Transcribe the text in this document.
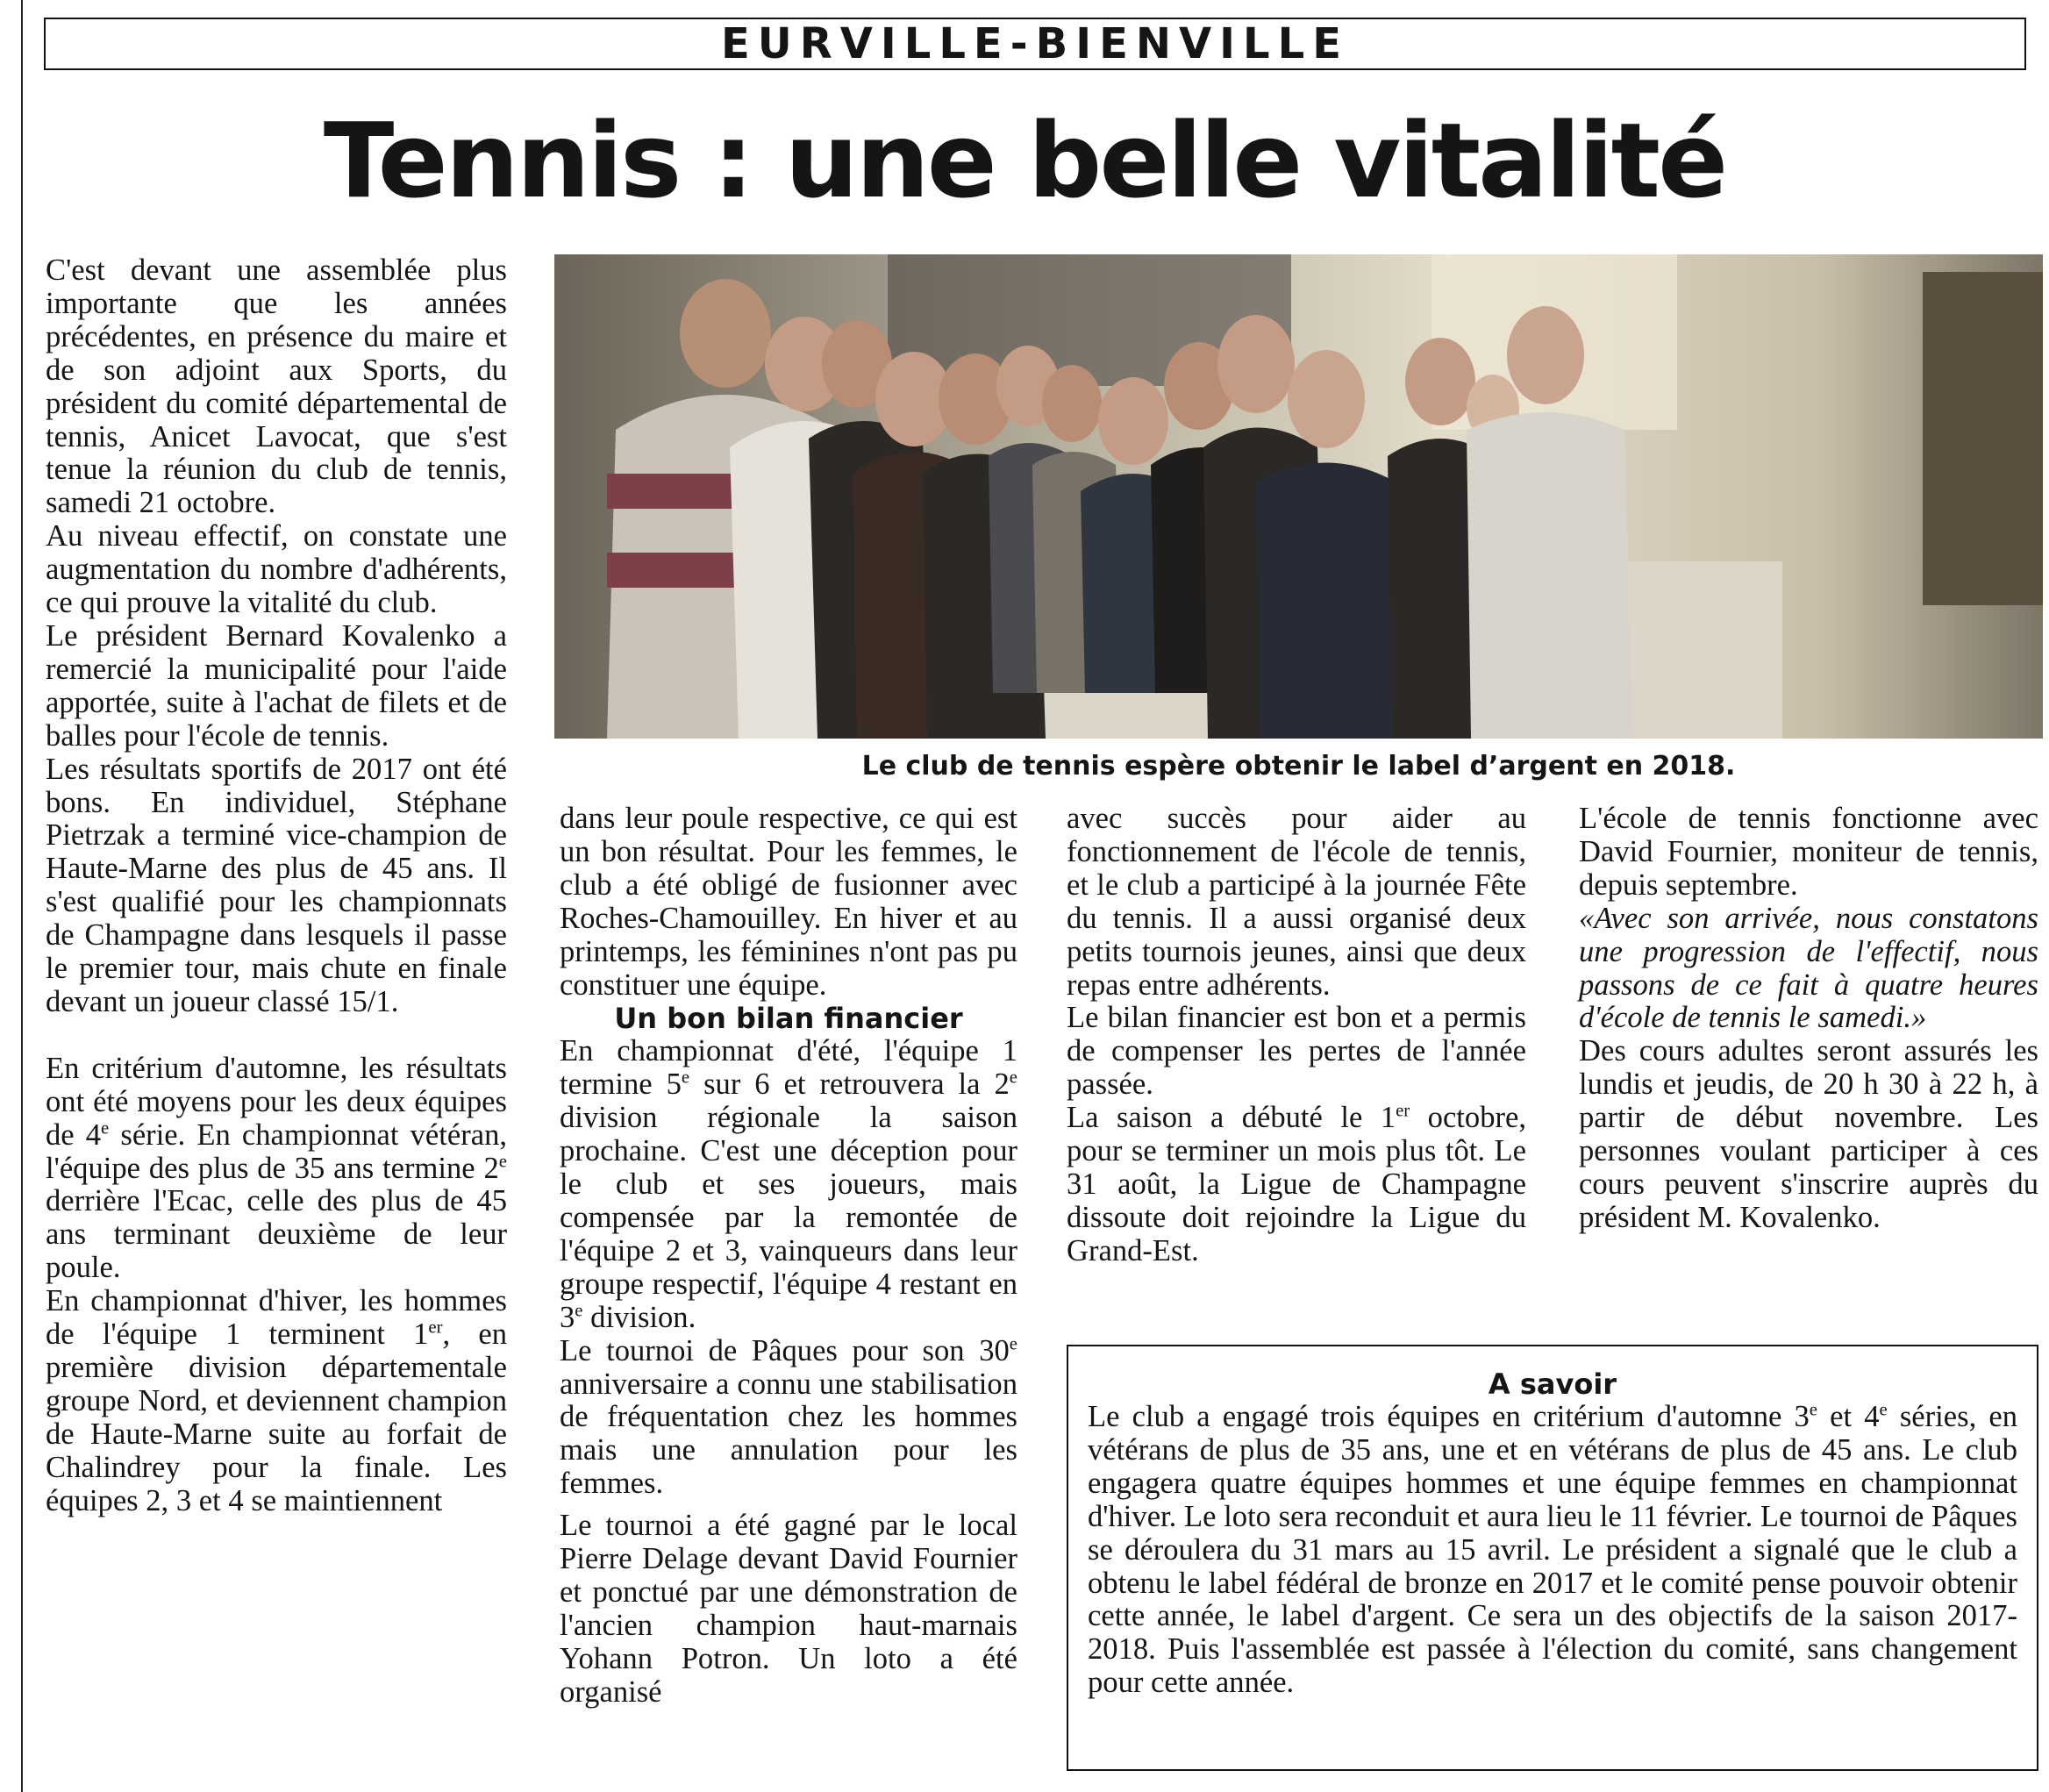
EURVILLE-BIENVILLE
Tennis : une belle vitalité

C'est devant une assemblée plus importante que les années précédentes, en présence du maire et de son adjoint aux Sports, du président du comité départemental de tennis, Anicet Lavocat, que s'est tenue la réunion du club de tennis, samedi 21 octobre.

Au niveau effectif, on constate une augmentation du nombre d'adhérents, ce qui prouve la vitalité du club.

Le président Bernard Kovalenko a remercié la municipalité pour l'aide apportée, suite à l'achat de filets et de balles pour l'école de tennis.

Les résultats sportifs de 2017 ont été bons. En individuel, Stéphane Pietrzak a terminé vice-champion de Haute-Marne des plus de 45 ans. Il s'est qualifié pour les championnats de Champagne dans lesquels il passe le premier tour, mais chute en finale devant un joueur classé 15/1.

En critérium d'automne, les résultats ont été moyens pour les deux équipes de 4e série. En championnat vétéran, l'équipe des plus de 35 ans termine 2e derrière l'Ecac, celle des plus de 45 ans terminant deuxième de leur poule.

En championnat d'hiver, les hommes de l'équipe 1 terminent 1er, en première division départementale groupe Nord, et deviennent champion de Haute-Marne suite au forfait de Chalindrey pour la finale. Les équipes 2, 3 et 4 se maintiennent

Le club de tennis espère obtenir le label d’argent en 2018.

dans leur poule respective, ce qui est un bon résultat. Pour les femmes, le club a été obligé de fusionner avec Roches-Chamouilley. En hiver et au printemps, les féminines n'ont pas pu constituer une équipe.

Un bon bilan financier

En championnat d'été, l'équipe 1 termine 5e sur 6 et retrouvera la 2e division régionale la saison prochaine. C'est une déception pour le club et ses joueurs, mais compensée par la remontée de l'équipe 2 et 3, vainqueurs dans leur groupe respectif, l'équipe 4 restant en 3e division.

Le tournoi de Pâques pour son 30e anniversaire a connu une stabilisation de fréquentation chez les hommes mais une annulation pour les femmes.

Le tournoi a été gagné par le local Pierre Delage devant David Fournier et ponctué par une démonstration de l'ancien champion haut-marnais Yohann Potron. Un loto a été organisé

avec succès pour aider au fonctionnement de l'école de tennis, et le club a participé à la journée Fête du tennis. Il a aussi organisé deux petits tournois jeunes, ainsi que deux repas entre adhérents.

Le bilan financier est bon et a permis de compenser les pertes de l'année passée.

La saison a débuté le 1er octobre, pour se terminer un mois plus tôt. Le 31 août, la Ligue de Champagne dissoute doit rejoindre la Ligue du Grand-Est.

L'école de tennis fonctionne avec David Fournier, moniteur de tennis, depuis septembre.

«Avec son arrivée, nous constatons une progression de l'effectif, nous passons de ce fait à quatre heures d'école de tennis le samedi.»

Des cours adultes seront assurés les lundis et jeudis, de 20 h 30 à 22 h, à partir de début novembre. Les personnes voulant participer à ces cours peuvent s'inscrire auprès du président M. Kovalenko.

A savoir
Le club a engagé trois équipes en critérium d'automne 3e et 4e séries, en vétérans de plus de 35 ans, une et en vétérans de plus de 45 ans. Le club engagera quatre équipes hommes et une équipe femmes en championnat d'hiver. Le loto sera reconduit et aura lieu le 11 février. Le tournoi de Pâques se déroulera du 31 mars au 15 avril. Le président a signalé que le club a obtenu le label fédéral de bronze en 2017 et le comité pense pouvoir obtenir cette année, le label d'argent. Ce sera un des objectifs de la saison 2017-2018. Puis l'assemblée est passée à l'élection du comité, sans changement pour cette année.
